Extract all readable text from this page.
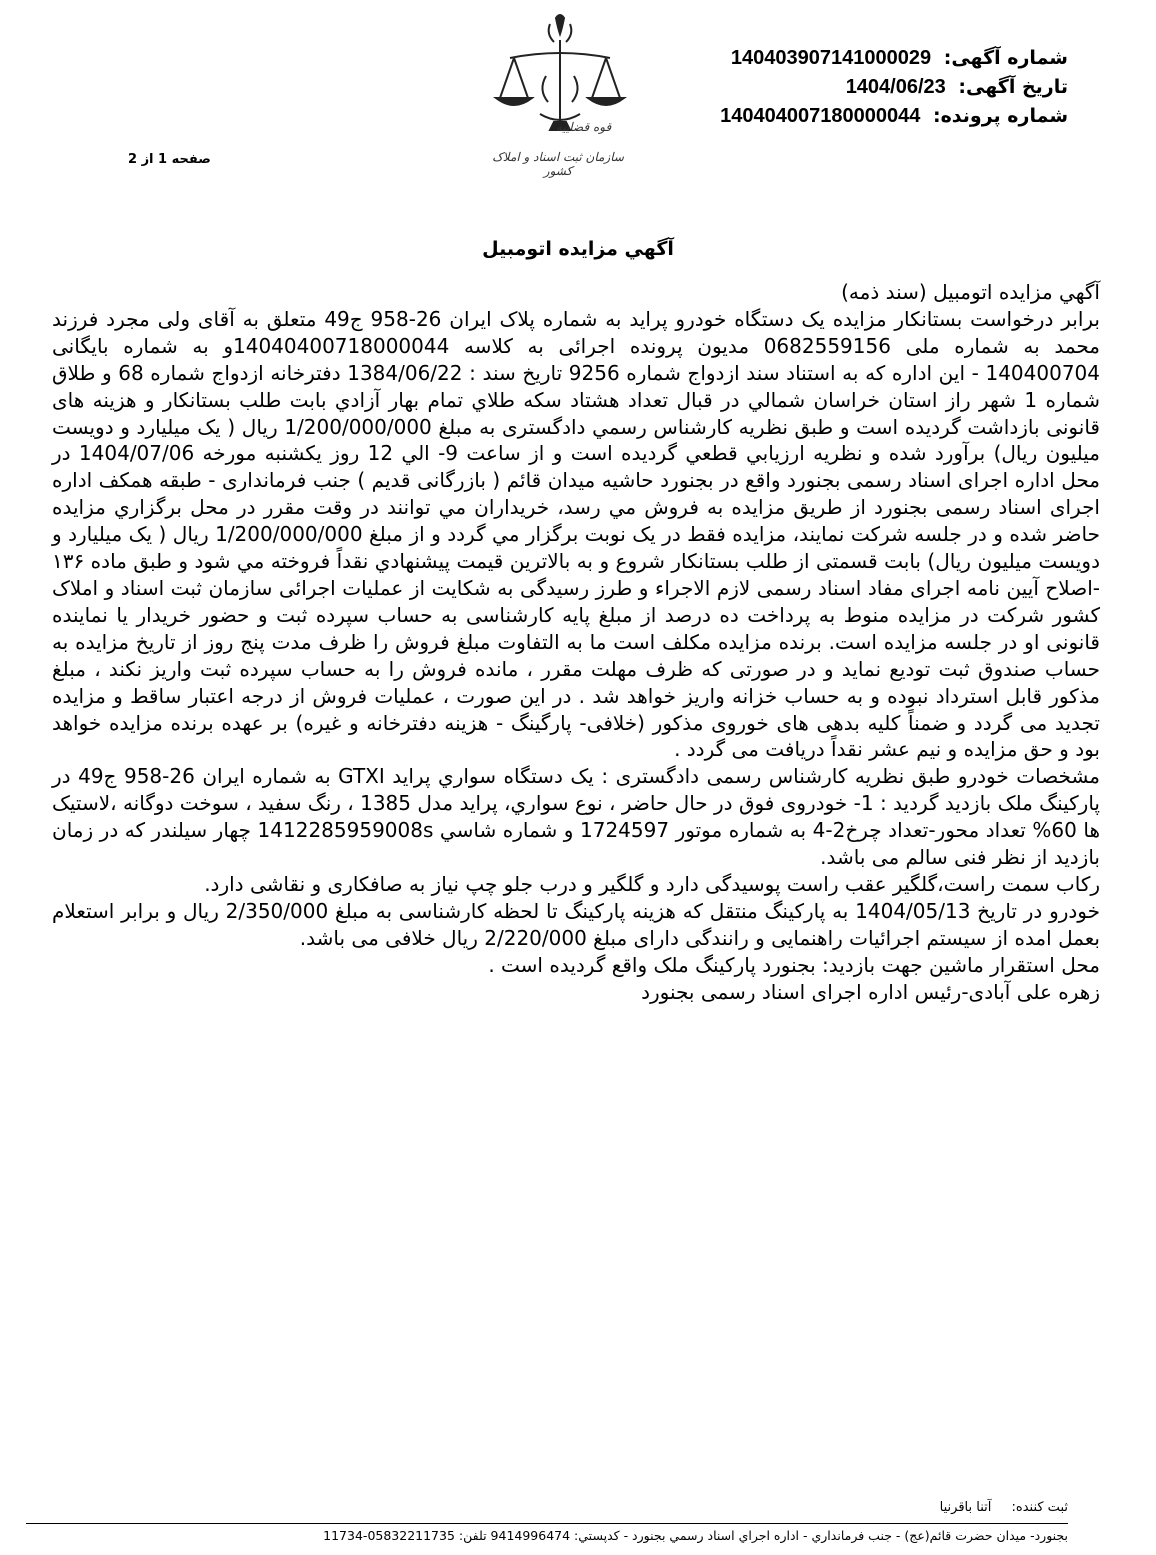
قوه قضاییه
سازمان ثبت اسناد و املاک کشور
شماره آگهی: 14040390714100002‎9
تاریخ آگهی: 1404/06/23
شماره پرونده: 14040400718000004‎4
صفحه 1 از 2
آگهي مزايده اتومبيل

آگهي مزايده اتومبيل (سند ذمه)

برابر درخواست بستانکار مزایده یک دستگاه خودرو پراید به شماره پلاک ایران 26-958 ج49 متعلق به آقای ولی مجرد فرزند محمد به شماره ملی 0682559156 مدیون پرونده اجرائی به کلاسه 14040400718000044و به شماره بایگانی 140400704 - این اداره که به استناد سند ازدواج شماره 9256 تاریخ سند : 1384/06/22 دفترخانه ازدواج شماره 68 و طلاق شماره 1 شهر راز استان خراسان شمالي در قبال تعداد هشتاد سکه طلاي تمام بهار آزادي بابت طلب بستانکار و هزینه های قانونی بازداشت گردیده است و طبق نظریه کارشناس رسمي دادگستری به مبلغ 1/200/000/000 ریال ( یک میلیارد و دویست میلیون ریال) برآورد شده و نظریه ارزيابي قطعي گرديده است و از ساعت 9- الي 12 روز یکشنبه مورخه 1404/07/06 در محل اداره اجرای اسناد رسمی بجنورد واقع در بجنورد حاشیه میدان قائم ( بازرگانی قدیم ) جنب فرمانداری - طبقه همکف اداره اجرای اسناد رسمی بجنورد از طريق مزايده به فروش مي رسد، خريداران مي توانند در وقت مقرر در محل برگزاري مزايده حاضر شده و در جلسه شرکت نمايند، مزايده فقط در يک نوبت برگزار مي گردد و از مبلغ 1/200/000/000 ریال ( یک میلیارد و دویست میلیون ریال) بابت قسمتی از طلب بستانکار شروع و به بالاترين قيمت پيشنهادي نقداً فروخته مي شود و طبق ماده ۱۳۶ -اصلاح آیین نامه اجرای مفاد اسناد رسمی لازم الاجراء و طرز رسیدگی به شکایت از عملیات اجرائی سازمان ثبت اسناد و املاک کشور شرکت در مزایده منوط به پرداخت ده درصد از مبلغ پایه کارشناسی به حساب سپرده ثبت و حضور خریدار یا نماینده قانونی او در جلسه مزایده است. برنده مزایده مکلف است ما به التفاوت مبلغ فروش را ظرف مدت پنج روز از تاریخ مزایده به حساب صندوق ثبت تودیع نماید و در صورتی که ظرف مهلت مقرر ، مانده فروش را به حساب سپرده ثبت واریز نکند ، مبلغ مذکور قابل استرداد نبوده و به حساب خزانه واریز خواهد شد . در این صورت ، عملیات فروش از درجه اعتبار ساقط و مزایده تجدید می گردد و ضمناً کلیه بدهی های خوروی مذکور (خلافی- پارگینگ - هزینه دفترخانه و غیره) بر عهده برنده مزایده خواهد بود و حق مزایده و نیم عشر نقداً دریافت می گردد .

مشخصات خودرو طبق نظريه کارشناس رسمی دادگستری : یک دستگاه سواري پرايد GTXI به شماره ایران 26-958 ج49 در پارکینگ ملک بازدید گردید : 1- خودروی فوق در حال حاضر ، نوع سواري، پرايد مدل 1385 ، رنگ سفید ، سوخت دوگانه ،لاستیک ها 60% تعداد محور-تعداد چرخ2-4 به شماره موتور 1724597 و شماره شاسي 1412285959008s چهار سيلندر که در زمان بازدید از نظر فنی سالم می باشد.

رکاب سمت راست،گلگیر عقب راست پوسیدگی دارد و گلگیر و درب جلو چپ نیاز به صافکاری و نقاشی دارد.

خودرو در تاریخ 1404/05/13 به پارکینگ منتقل که هزینه پارکینگ تا لحظه کارشناسی به مبلغ 2/350/000 ریال و برابر استعلام بعمل امده از سیستم اجرائیات راهنمایی و رانندگی دارای مبلغ 2/220/000 ریال خلافی می باشد.

محل استقرار ماشین جهت بازدید: بجنورد پارکینگ ملک واقع گردیده است .

زهره علی آبادی-رئیس اداره اجرای اسناد رسمی بجنورد

ثبت کننده: آتنا باقرنیا
بجنورد- ميدان حضرت قائم(عج) - جنب فرمانداري - اداره اجراي اسناد رسمي بجنورد - کدپستي: 9414996474 تلفن: 05832211735-11734
